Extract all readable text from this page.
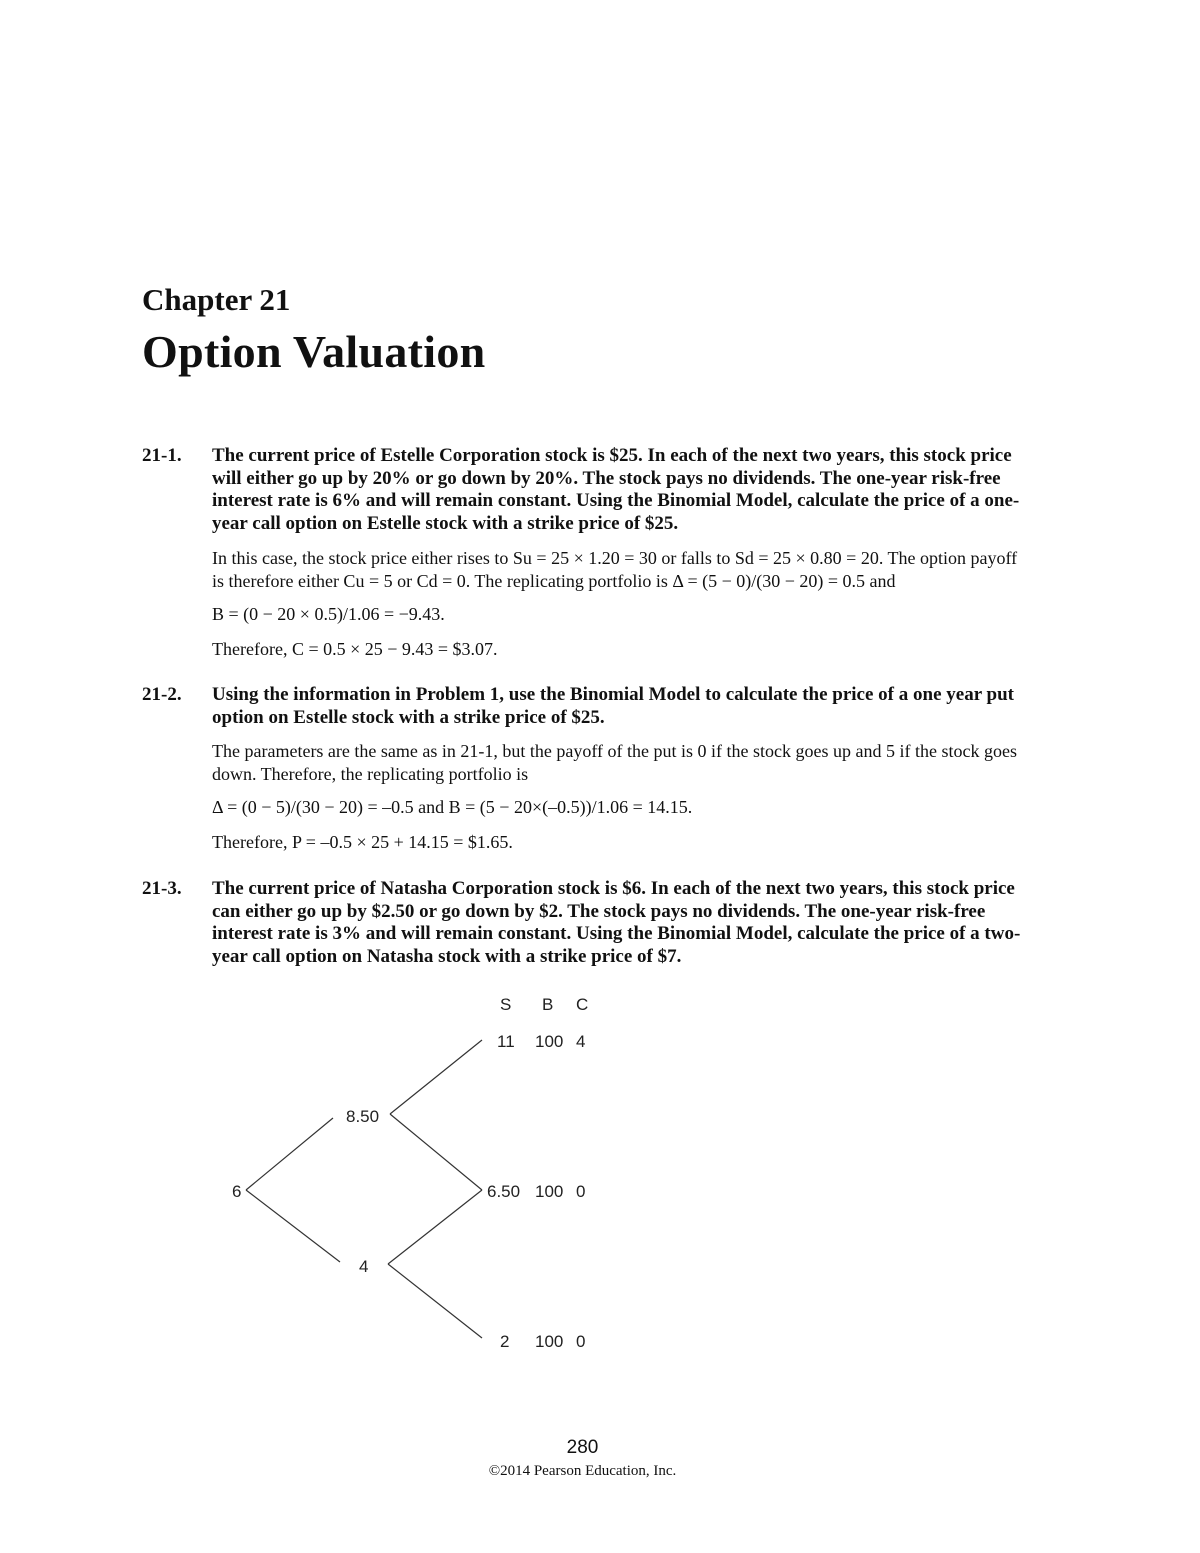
Chapter 21
Option Valuation
21-1. The current price of Estelle Corporation stock is $25. In each of the next two years, this stock price will either go up by 20% or go down by 20%. The stock pays no dividends. The one-year risk-free interest rate is 6% and will remain constant. Using the Binomial Model, calculate the price of a one-year call option on Estelle stock with a strike price of $25.
In this case, the stock price either rises to Su = 25 × 1.20 = 30 or falls to Sd = 25 × 0.80 = 20. The option payoff is therefore either Cu = 5 or Cd = 0. The replicating portfolio is Δ = (5 − 0)/(30 − 20) = 0.5 and
B = (0 − 20 × 0.5)/1.06 = −9.43.
Therefore, C = 0.5 × 25 − 9.43 = $3.07.
21-2. Using the information in Problem 1, use the Binomial Model to calculate the price of a one year put option on Estelle stock with a strike price of $25.
The parameters are the same as in 21-1, but the payoff of the put is 0 if the stock goes up and 5 if the stock goes down. Therefore, the replicating portfolio is
Δ = (0 − 5)/(30 − 20) = –0.5 and B = (5 − 20×(–0.5))/1.06 = 14.15.
Therefore, P = –0.5 × 25 + 14.15 = $1.65.
21-3. The current price of Natasha Corporation stock is $6. In each of the next two years, this stock price can either go up by $2.50 or go down by $2. The stock pays no dividends. The one-year risk-free interest rate is 3% and will remain constant. Using the Binomial Model, calculate the price of a two-year call option on Natasha stock with a strike price of $7.
S B C
6
8.50
4
11 100 4
6.50 100 0
2 100 0
280
©2014 Pearson Education, Inc.
